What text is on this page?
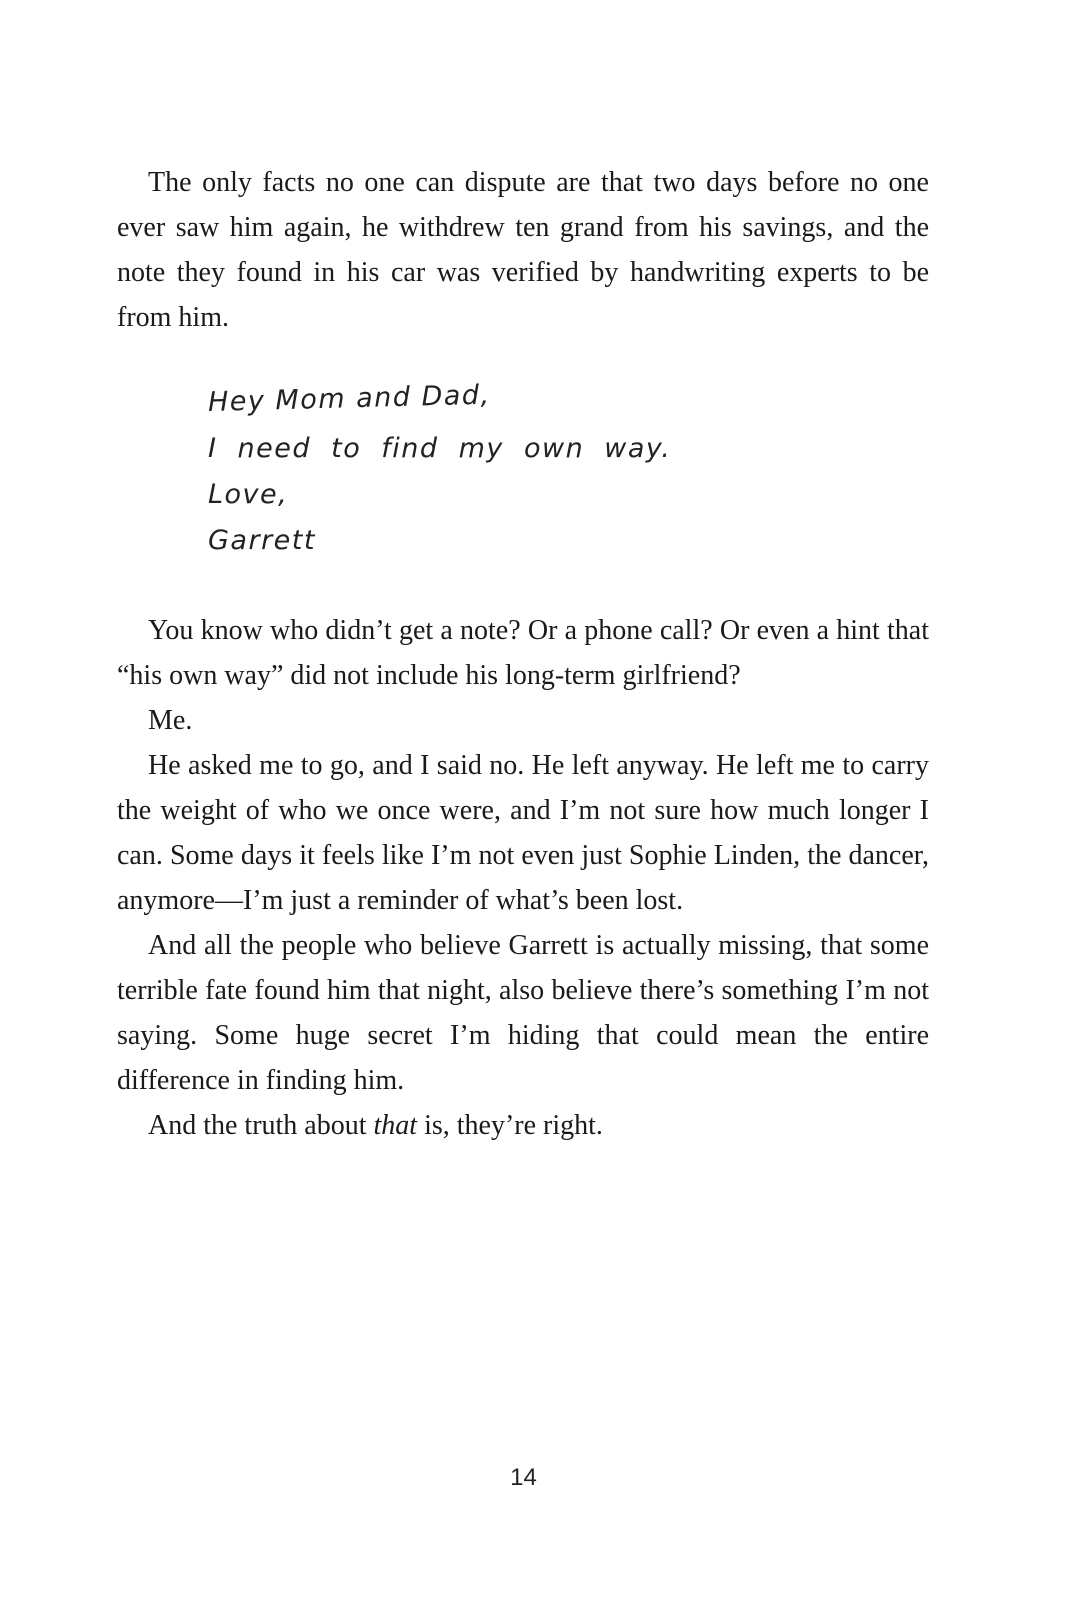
The only facts no one can dispute are that two days before no one ever saw him again, he withdrew ten grand from his savings, and the note they found in his car was verified by handwriting experts to be from him.

Hey Mom and Dad,
I need to find my own way.
Love,
Garrett

You know who didn’t get a note? Or a phone call? Or even a hint that “his own way” did not include his long-term girlfriend?

Me.

He asked me to go, and I said no. He left anyway. He left me to carry the weight of who we once were, and I’m not sure how much longer I can. Some days it feels like I’m not even just Sophie Linden, the dancer, anymore—I’m just a reminder of what’s been lost.

And all the people who believe Garrett is actually missing, that some terrible fate found him that night, also believe there’s something I’m not saying. Some huge secret I’m hiding that could mean the entire difference in finding him.

And the truth about that is, they’re right.

14
